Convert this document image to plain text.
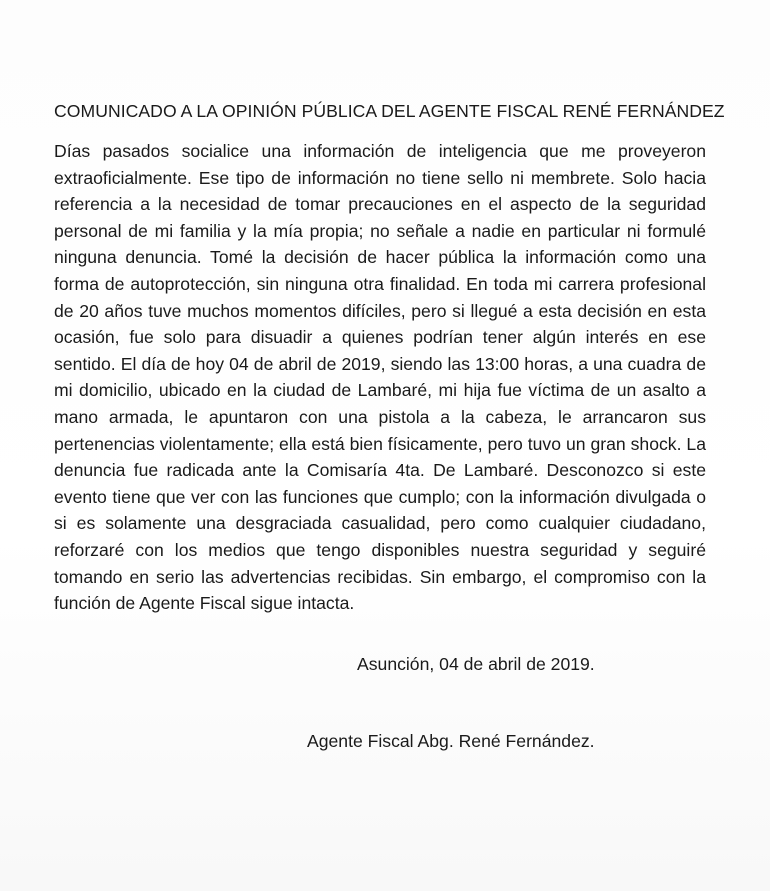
COMUNICADO A LA OPINIÓN PÚBLICA DEL AGENTE FISCAL RENÉ FERNÁNDEZ
Días pasados socialice una información de inteligencia que me proveyeron extraoficialmente. Ese tipo de información no tiene sello ni membrete. Solo hacia referencia a la necesidad de tomar precauciones en el aspecto de la seguridad personal de mi familia y la mía propia; no señale a nadie en particular ni formulé ninguna denuncia. Tomé la decisión de hacer pública la información como una forma de autoprotección, sin ninguna otra finalidad. En toda mi carrera profesional de 20 años tuve muchos momentos difíciles, pero si llegué a esta decisión en esta ocasión, fue solo para disuadir a quienes podrían tener algún interés en ese sentido. El día de hoy 04 de abril de 2019, siendo las 13:00 horas, a una cuadra de mi domicilio, ubicado en la ciudad de Lambaré, mi hija fue víctima de un asalto a mano armada, le apuntaron con una pistola a la cabeza, le arrancaron sus pertenencias violentamente; ella está bien físicamente, pero tuvo un gran shock. La denuncia fue radicada ante la Comisaría 4ta. De Lambaré. Desconozco si este evento tiene que ver con las funciones que cumplo; con la información divulgada o si es solamente una desgraciada casualidad, pero como cualquier ciudadano, reforzaré con los medios que tengo disponibles nuestra seguridad y seguiré tomando en serio las advertencias recibidas. Sin embargo, el compromiso con la función de Agente Fiscal sigue intacta.
Asunción, 04 de abril de 2019.
Agente Fiscal Abg. René Fernández.
